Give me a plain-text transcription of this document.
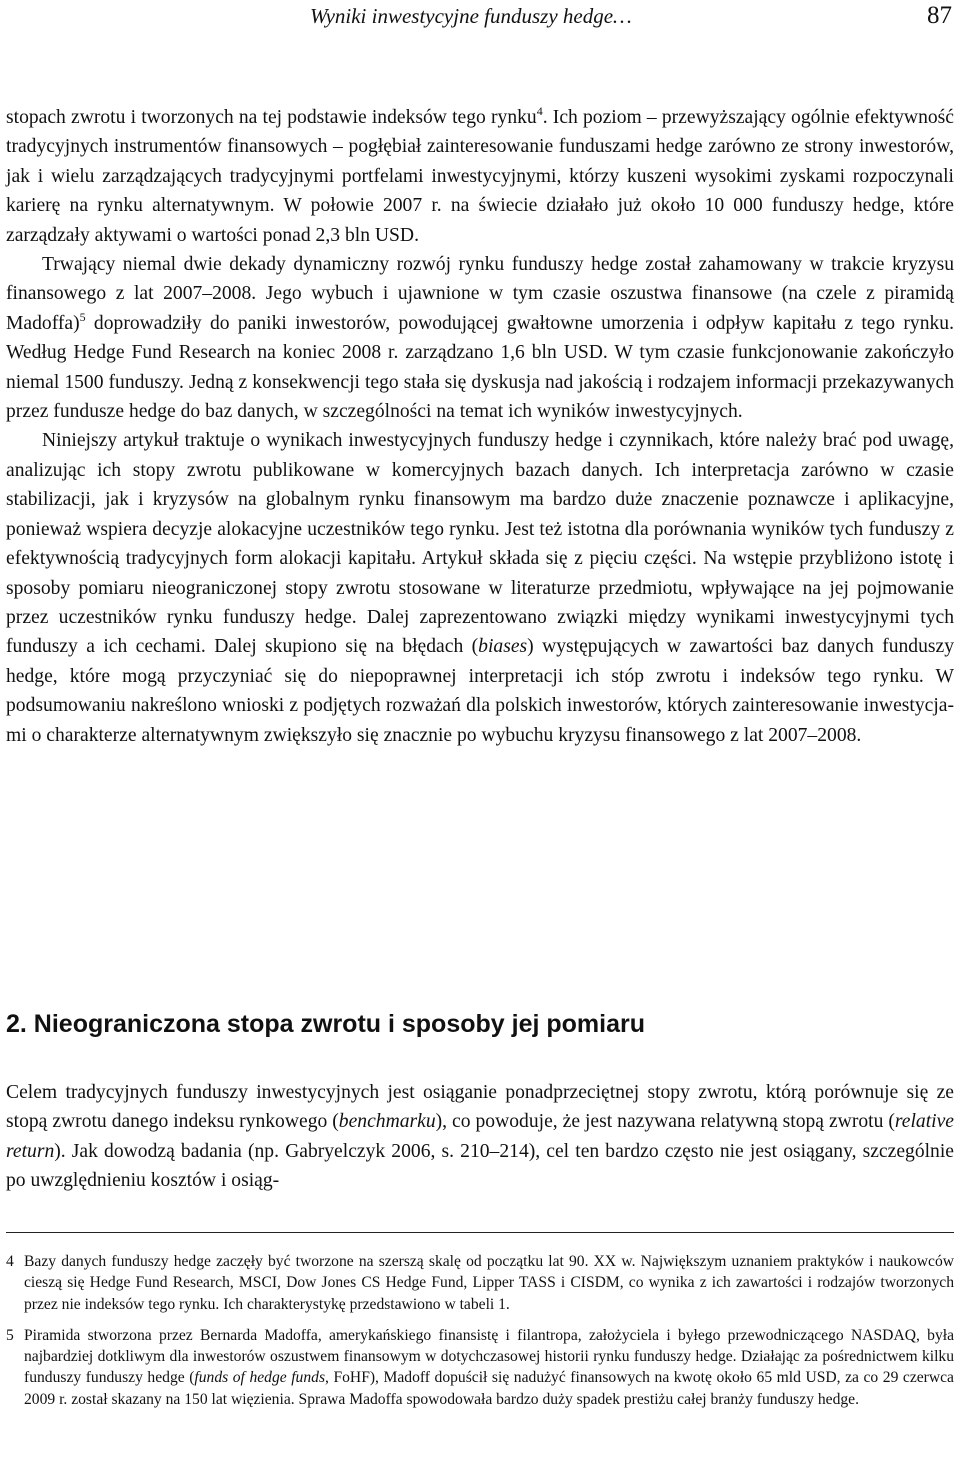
Wyniki inwestycyjne funduszy hedge…	87

stopach zwrotu i tworzonych na tej podstawie indeksów tego rynku$^4$. Ich poziom – przewyższający ogólnie efektywność tradycyjnych instrumentów finansowych – pogłębiał zainteresowanie funduszami hedge zarówno ze strony inwestorów, jak i wielu zarządzających tradycyjnymi portfelami inwestycyjnymi, którzy kuszeni wysokimi zyskami rozpoczynali karierę na rynku alternatywnym. W połowie 2007 r. na świecie działało już około 10 000 funduszy hedge, które zarządzały aktywami o wartości ponad 2,3 bln USD.

Trwający niemal dwie dekady dynamiczny rozwój rynku funduszy hedge został zahamowany w trakcie kryzysu finansowego z lat 2007–2008. Jego wybuch i ujawnione w tym czasie oszustwa finansowe (na czele z piramidą Madoffa)$^5$ doprowadziły do paniki inwestorów, powodującej gwałtowne umorzenia i odpływ kapitału z tego rynku. Według Hedge Fund Research na koniec 2008 r. zarządzano 1,6 bln USD. W tym czasie funkcjonowanie zakończyło niemal 1500 funduszy. Jedną z konsekwencji tego stała się dyskusja nad jakością i rodzajem informacji przekazywanych przez fundusze hedge do baz danych, w szczególności na temat ich wyników inwestycyjnych.

Niniejszy artykuł traktuje o wynikach inwestycyjnych funduszy hedge i czynnikach, które należy brać pod uwagę, analizując ich stopy zwrotu publikowane w komercyjnych bazach danych. Ich interpretacja zarówno w czasie stabilizacji, jak i kryzysów na globalnym rynku finansowym ma bardzo duże znaczenie poznawcze i aplikacyjne, ponieważ wspiera decyzje alokacyjne uczestników tego rynku. Jest też istotna dla porównania wyników tych funduszy z efektywnością tradycyjnych form alokacji kapitału. Artykuł składa się z pięciu części. Na wstępie przybliżono istotę i sposoby pomiaru nieograniczonej stopy zwrotu stosowane w literaturze przedmiotu, wpływające na jej pojmowanie przez uczestników rynku funduszy hedge. Dalej zaprezentowano związki między wynikami inwestycyjnymi tych funduszy a ich cechami. Dalej skupiono się na błędach (biases) występujących w zawartości baz danych funduszy hedge, które mogą przyczyniać się do niepoprawnej interpretacji ich stóp zwrotu i indeksów tego rynku. W podsumowaniu nakreślono wnioski z podjętych rozważań dla polskich inwestorów, których zainteresowanie inwestycjami o charakterze alternatywnym zwiększyło się znacznie po wybuchu kryzysu finansowego z lat 2007–2008.

2. Nieograniczona stopa zwrotu i sposoby jej pomiaru

Celem tradycyjnych funduszy inwestycyjnych jest osiąganie ponadprzeciętnej stopy zwrotu, którą porównuje się ze stopą zwrotu danego indeksu rynkowego (benchmarku), co powoduje, że jest nazywana relatywną stopą zwrotu (relative return). Jak dowodzą badania (np. Gabryelczyk 2006, s. 210–214), cel ten bardzo często nie jest osiągany, szczególnie po uwzględnieniu kosztów i osiąg-

4 Bazy danych funduszy hedge zaczęły być tworzone na szerszą skalę od początku lat 90. XX w. Największym uznaniem praktyków i naukowców cieszą się Hedge Fund Research, MSCI, Dow Jones CS Hedge Fund, Lipper TASS i CISDM, co wynika z ich zawartości i rodzajów tworzonych przez nie indeksów tego rynku. Ich charakterystykę przedstawiono w tabeli 1.

5 Piramida stworzona przez Bernarda Madoffa, amerykańskiego finansistę i filantropa, założyciela i byłego przewodniczącego NASDAQ, była najbardziej dotkliwym dla inwestorów oszustwem finansowym w dotychczasowej historii rynku funduszy hedge. Działając za pośrednictwem kilku funduszy funduszy hedge (funds of hedge funds, FoHF), Madoff dopuścił się nadużyć finansowych na kwotę około 65 mld USD, za co 29 czerwca 2009 r. został skazany na 150 lat więzienia. Sprawa Madoffa spowodowała bardzo duży spadek prestiżu całej branży funduszy hedge.
